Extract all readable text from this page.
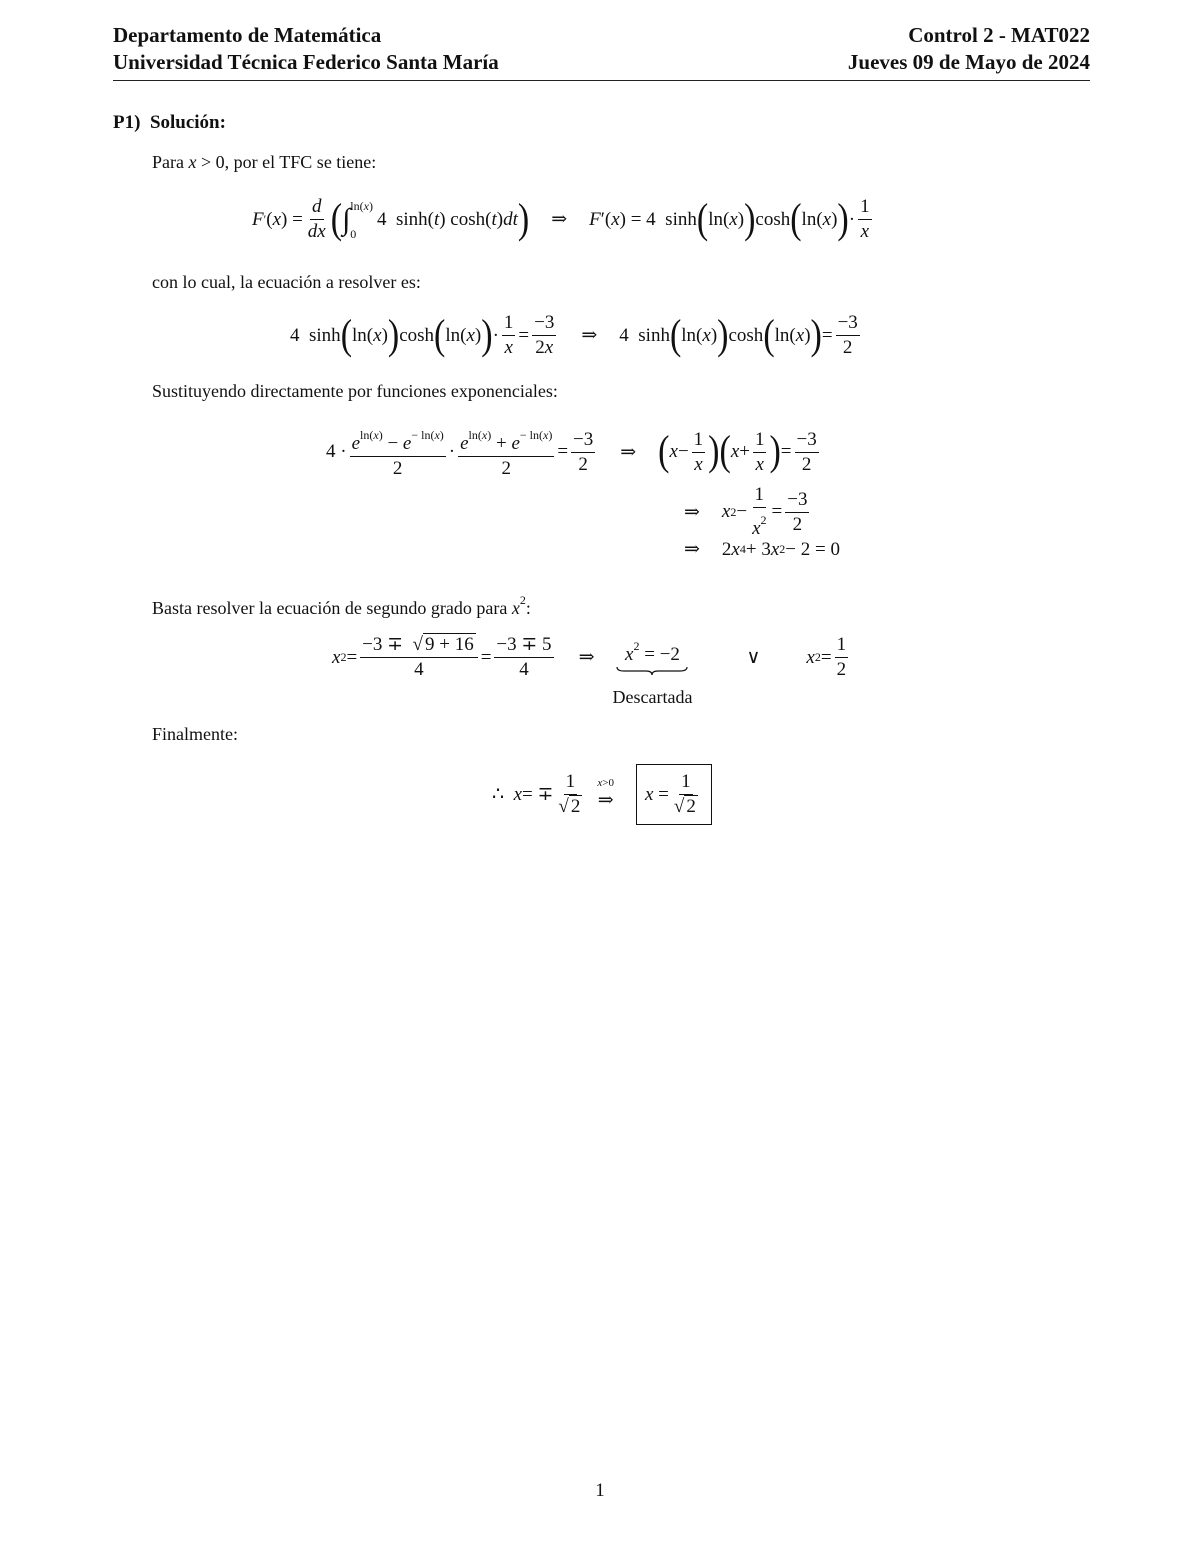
Departamento de Matemática
Universidad Técnica Federico Santa María
Control 2 - MAT022
Jueves 09 de Mayo de 2024
P1) Solución:
Para x > 0, por el TFC se tiene:
F ′ ( x ) = $\frac{d}{dx}$ ( ∫ ln(x)
0
4  sinh( t ) cosh( t ) dt ) ⇒ F ′( x ) = 4  sinh ( ln( x ) ) cosh ( ln( x ) ) · $\frac{1}{x}$
con lo cual, la ecuación a resolver es:
4  sinh ( ln( x ) ) cosh ( ln( x ) ) · $\frac{1}{x} = \frac{-3}{2x}$ ⇒
4  sinh ( ln( x ) ) cosh ( ln( x ) ) = $\frac{-3}{2}$
Sustituyendo directamente por funciones exponenciales:
$4 \cdot \frac{e^{ln(x)} - e^{- ln(x)}}{2} \cdot \frac{e^{ln(x)} + e^{- ln(x)}}{2} = \frac{-3}{2}$ ⇒ ( $x - \frac{1}{x}$ ) ( $x + \frac{1}{x}$ ) = $\frac{-3}{2}$
⇒ x $2 - \frac{1}{x^2} = \frac{-3}{2}$
⇒ 2 x 4 + 3 x 2 − 2 = 0
Basta resolver la ecuación de segundo grado para $x^2$:
x $2 = \frac{-3 \mp √ 9 + 16}{4} = \frac{-3 \mp 5}{4}$ ⇒ $x^2 = -2$
Descartada
∨ x $2 = \frac{1}{2}$
Finalmente:
∴ x = ∓ $\frac{1}{√ 2} x>0$
⇒ $x = \frac{1}{√ 2}$
1
